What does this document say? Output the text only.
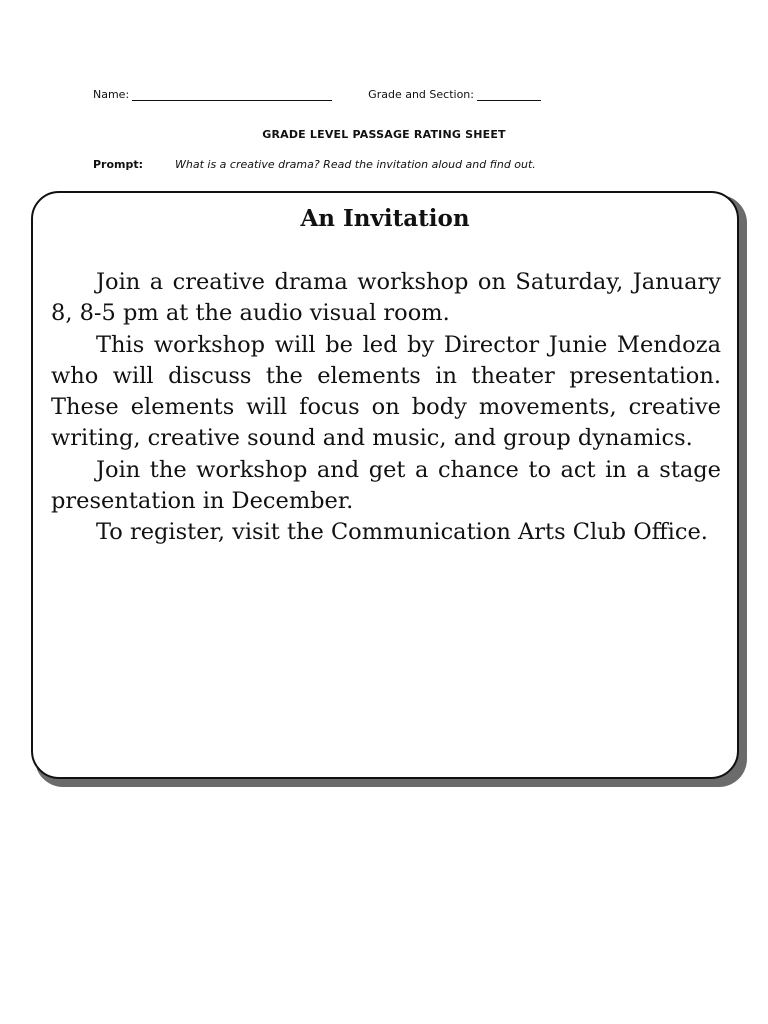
Name:	Grade and Section:
GRADE LEVEL PASSAGE RATING SHEET
Prompt:	What is a creative drama? Read the invitation aloud and find out.
An Invitation

Join a creative drama workshop on Saturday, January 8, 8-5 pm at the audio visual room.

This workshop will be led by Director Junie Mendoza who will discuss the elements in theater presentation. These elements will focus on body movements, creative writing, creative sound and music, and group dynamics.

Join the workshop and get a chance to act in a stage presentation in December.

To register, visit the Communication Arts Club Office.
